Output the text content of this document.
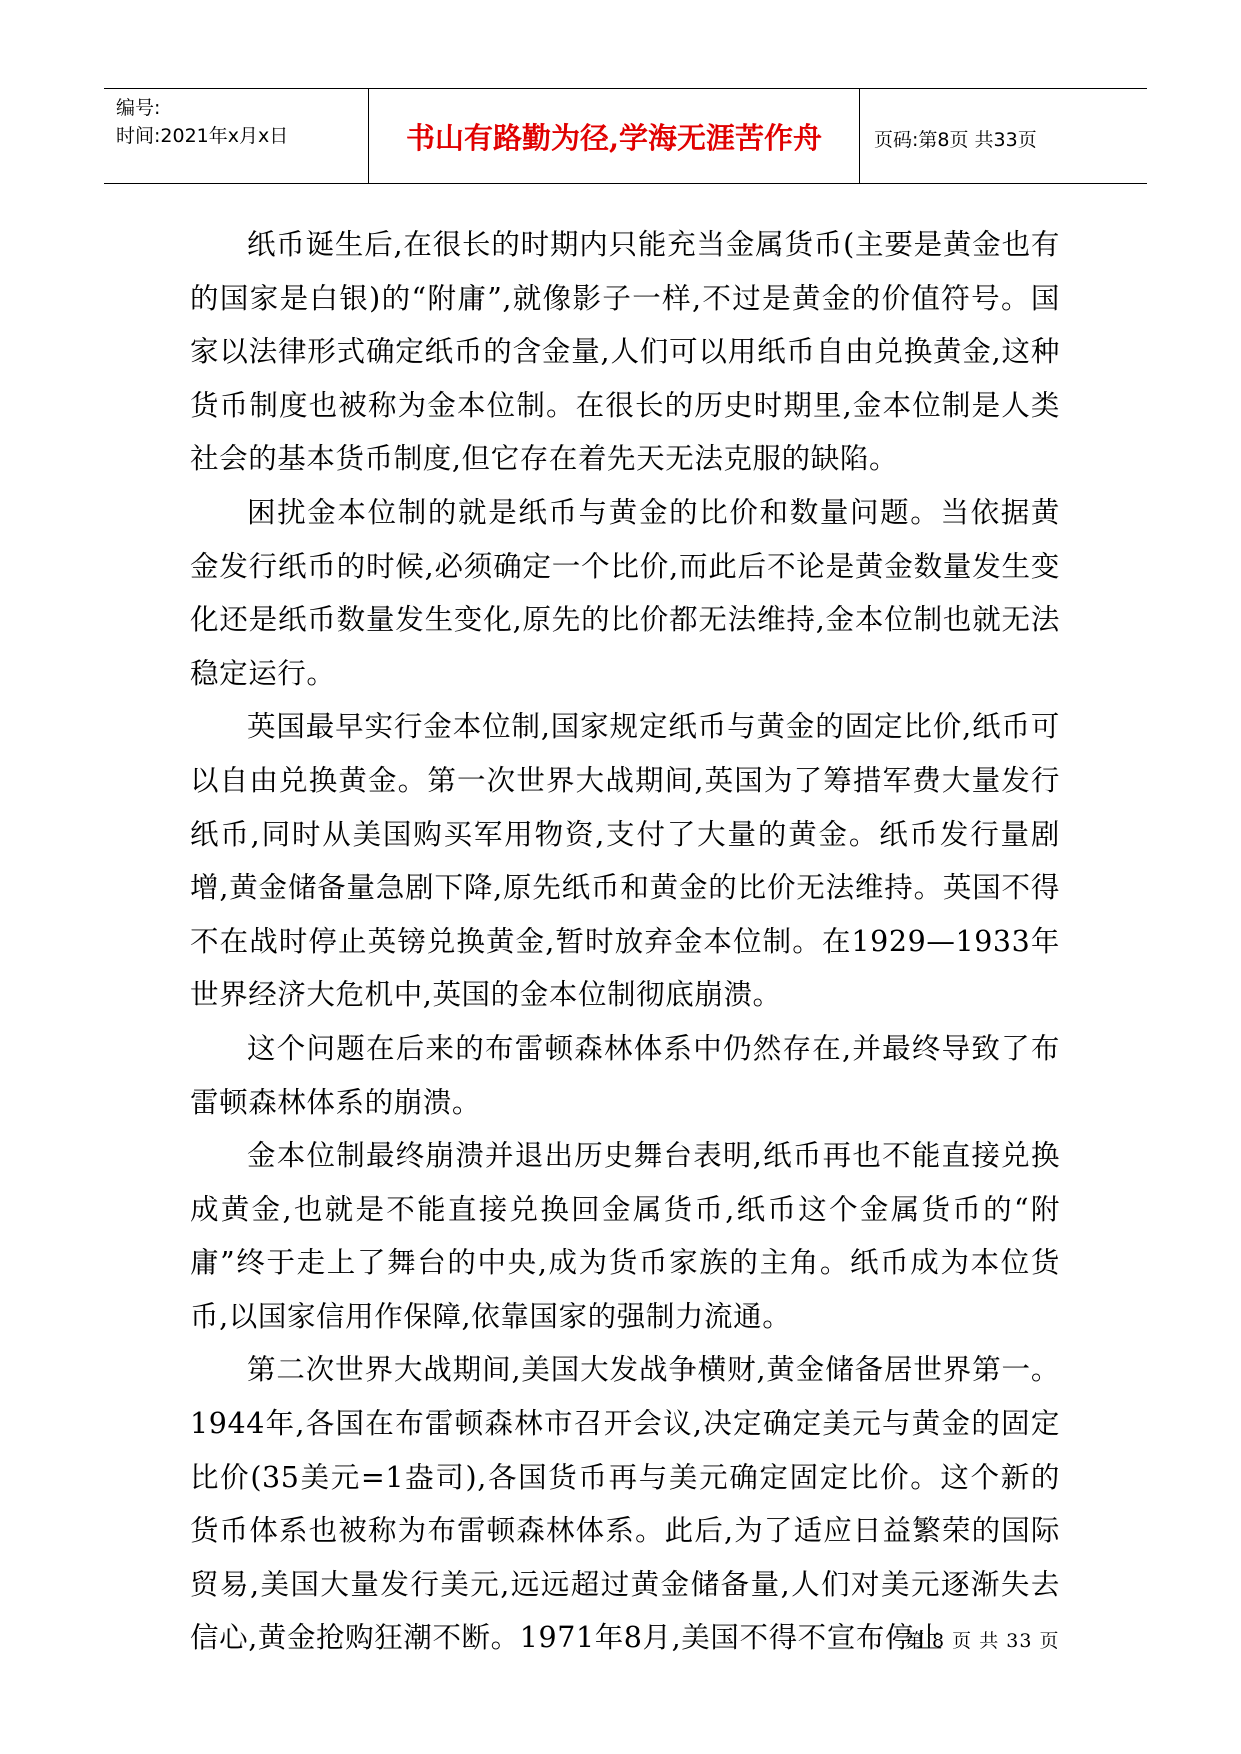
编号:
时间:2021年x月x日	书山有路勤为径,学海无涯苦作舟	页码:第8页 共33页

纸币诞生后,在很长的时期内只能充当金属货币(主要是黄金也有的国家是白银)的“附庸”,就像影子一样,不过是黄金的价值符号。国家以法律形式确定纸币的含金量,人们可以用纸币自由兑换黄金,这种货币制度也被称为金本位制。在很长的历史时期里,金本位制是人类社会的基本货币制度,但它存在着先天无法克服的缺陷。

困扰金本位制的就是纸币与黄金的比价和数量问题。当依据黄金发行纸币的时候,必须确定一个比价,而此后不论是黄金数量发生变化还是纸币数量发生变化,原先的比价都无法维持,金本位制也就无法稳定运行。

英国最早实行金本位制,国家规定纸币与黄金的固定比价,纸币可以自由兑换黄金。第一次世界大战期间,英国为了筹措军费大量发行纸币,同时从美国购买军用物资,支付了大量的黄金。纸币发行量剧增,黄金储备量急剧下降,原先纸币和黄金的比价无法维持。英国不得不在战时停止英镑兑换黄金,暂时放弃金本位制。在1929—1933年世界经济大危机中,英国的金本位制彻底崩溃。

这个问题在后来的布雷顿森林体系中仍然存在,并最终导致了布雷顿森林体系的崩溃。

金本位制最终崩溃并退出历史舞台表明,纸币再也不能直接兑换成黄金,也就是不能直接兑换回金属货币,纸币这个金属货币的“附庸”终于走上了舞台的中央,成为货币家族的主角。纸币成为本位货币,以国家信用作保障,依靠国家的强制力流通。

第二次世界大战期间,美国大发战争横财,黄金储备居世界第一。1944年,各国在布雷顿森林市召开会议,决定确定美元与黄金的固定比价(35美元=1盎司),各国货币再与美元确定固定比价。这个新的货币体系也被称为布雷顿森林体系。此后,为了适应日益繁荣的国际贸易,美国大量发行美元,远远超过黄金储备量,人们对美元逐渐失去信心,黄金抢购狂潮不断。1971年8月,美国不得不宣布停止

第 8 页 共 33 页
